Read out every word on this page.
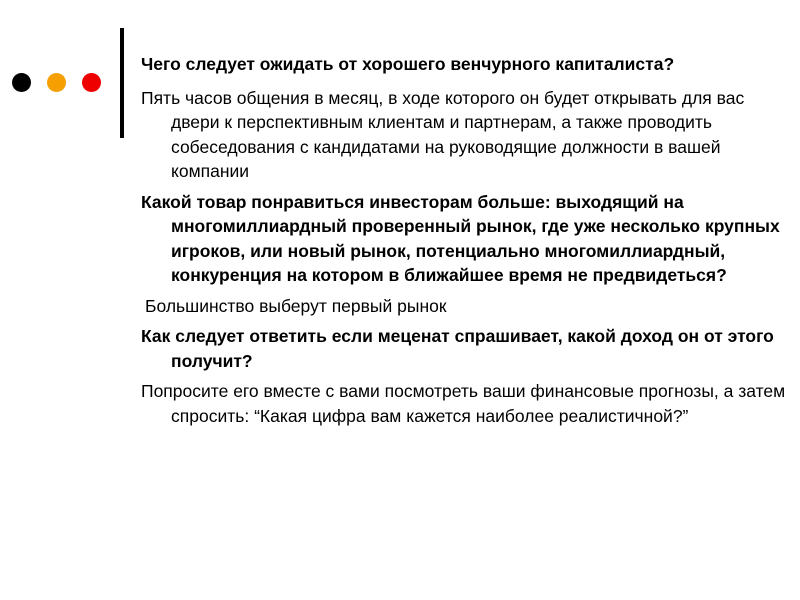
Чего следует ожидать от хорошего венчурного капиталиста?

Пять часов общения в месяц, в ходе которого он будет открывать для вас двери к перспективным клиентам и партнерам, а также проводить собеседования с кандидатами на руководящие должности в вашей компании

Какой товар понравиться инвесторам больше: выходящий на многомиллиардный проверенный рынок, где уже несколько крупных игроков, или новый рынок, потенциально многомиллиардный, конкуренция на котором в ближайшее время не предвидеться?

Большинство выберут первый рынок

Как следует ответить если меценат спрашивает, какой доход он от этого получит?

Попросите его вместе с вами посмотреть ваши финансовые прогнозы, а затем спросить: “Какая цифра вам кажется наиболее реалистичной?”
